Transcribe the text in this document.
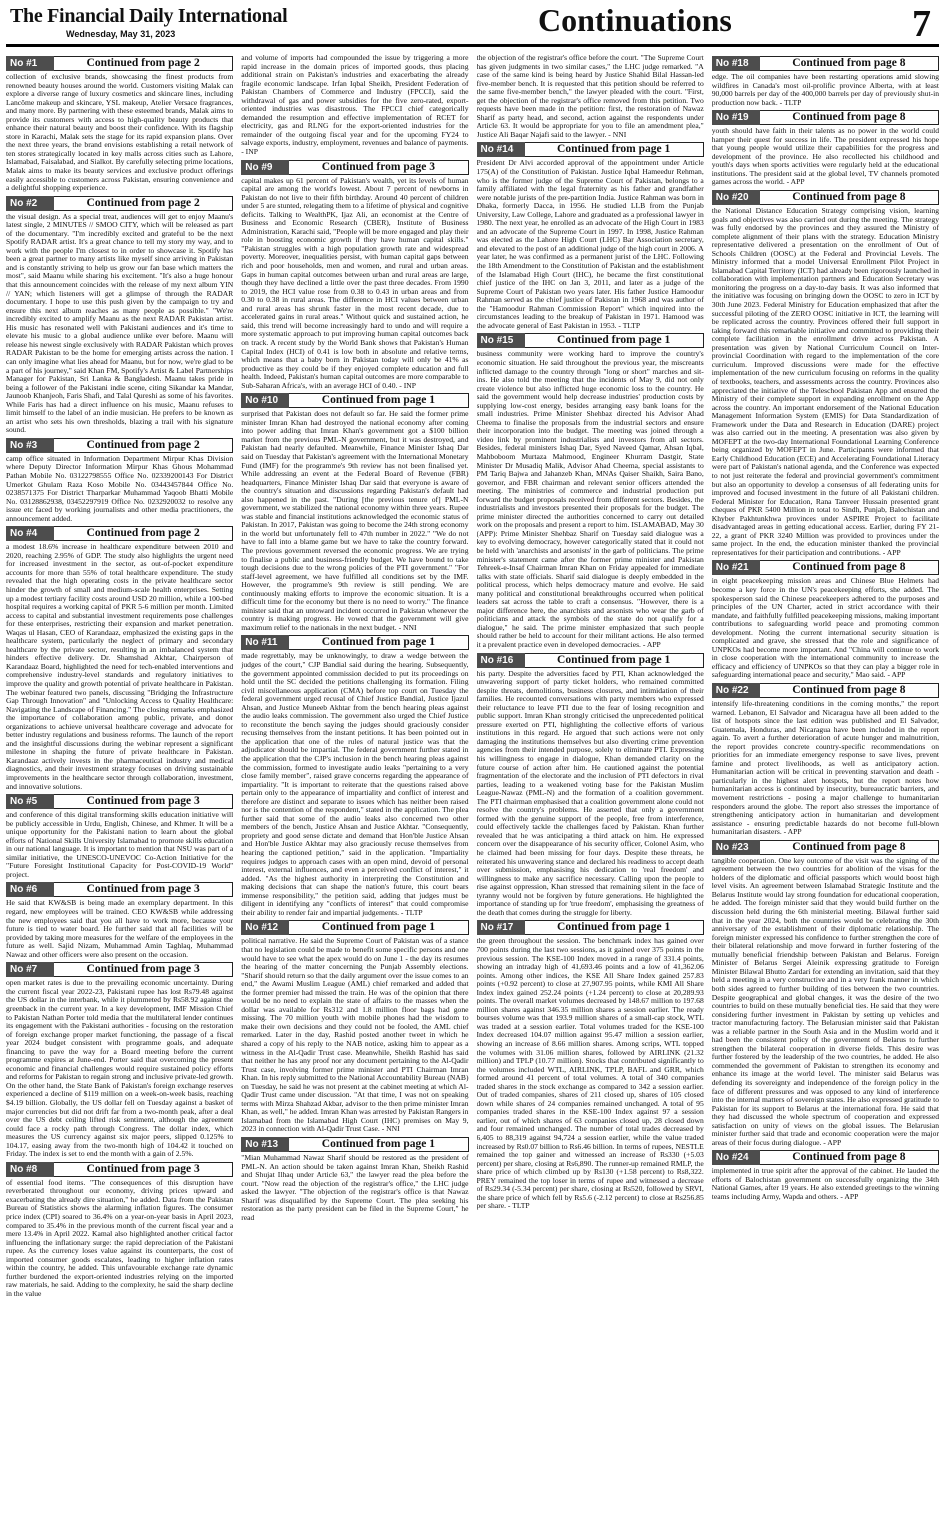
The Financial Daily International
Wednesday, May 31, 2023	Continuations	7
No #1	Continued from page 2
collection of exclusive brands, showcasing the finest products from renowned beauty houses around the world. Customers visiting Malak can explore a diverse range of luxury cosmetics and skincare lines, including Lancôme makeup and skincare, YSL makeup, Atelier Versace fragrances, and many more. By partnering with these esteemed brands, Malak aims to provide its customers with access to high-quality beauty products that enhance their natural beauty and boost their confidence. With its flagship store in Karachi, Malak sets the stage for its rapid expansion plans. Over the next three years, the brand envisions establishing a retail network of ten stores strategically located in key malls across cities such as Lahore, Islamabad, Faisalabad, and Sialkot. By carefully selecting prime locations, Malak aims to make its beauty services and exclusive product offerings easily accessible to customers across Pakistan, ensuring convenience and a delightful shopping experience.
No #2	Continued from page 2
the visual design. As a special treat, audiences will get to enjoy Maanu's latest single, 2 MINUTES // SMOO CITY, which will be released as part of the documentary. "I'm incredibly excited and grateful to be the next Spotify RADAR artist. It's a great chance to tell my story my way, and to work with the people I'm closest to in order to showcase it. Spotify has been a great partner to many artists like myself since arriving in Pakistan and is constantly striving to help us grow our fan base which matters the most", said Maanu while sharing his excitement. "It's also a huge honour that this announcement coincides with the release of my next album YIN // YAN; which listeners will get a glimpse of through the RADAR documentary. I hope to use this push given by the campaign to try and ensure this next album reaches as many people as possible." "We're incredibly excited to amplify Maanu as the next RADAR Pakistan artist. His music has resonated well with Pakistani audiences and it's time to elevate his music to a global audience unlike ever before. Maanu will release his newest single exclusively with RADAR Pakistan which proves RADAR Pakistan to be the home for emerging artists across the nation. I can only imagine what lies ahead for Maanu, but for now, we're glad to be a part of his journey," said Khan FM, Spotify's Artist & Label Partnerships Manager for Pakistan, Sri Lanka & Bangladesh. Maanu takes pride in being a follower of the Pakistani indie scene, citing Sikandar ka Mandar, Jaunoob Khanjeoh, Faris Shafi, and Talal Qureshi as some of his favorites. While Faris has had a direct influence on his music, Maanu refuses to limit himself to the label of an indie musician. He prefers to be known as an artist who sets his own thresholds, blazing a trail with his signature sound.
No #3	Continued from page 2
camp office situated in Information Department Mirpur Khas Division where Deputy Director Information Mirpur Khas Ghous Mohammad Pathan Mobile No. 03122798555 Office No. 02339200143 For District Umerkot Ghulam Raza Koso Mobile No. 03443457844 Office No. 0238571375 For District Tharparkar Muhammad Yaqoob Bhatti Mobile No. 03128862938, 03452297919 Office No. 0232920032 to resolve any issue etc faced by working journalists and other media practitioners, the announcement added.
No #4	Continued from page 2
a modest 18.6% increase in healthcare expenditure between 2010 and 2020, reaching 2.95% of GDP. The study also highlights the urgent need for increased investment in the sector, as out-of-pocket expenditure accounts for more than 55% of total healthcare expenditure. The study revealed that the high operating costs in the private healthcare sector hinder the growth of small and medium-scale health enterprises. Setting up a modest tertiary facility costs around USD 20 million, while a 100-bed hospital requires a working capital of PKR 5-6 million per month. Limited access to capital and substantial investment requirements pose challenges for these enterprises, restricting their expansion and market penetration. Waqas ul Hasan, CEO of Karandaaz, emphasized the existing gaps in the healthcare system, particularly the neglect of primary and secondary healthcare by the private sector, resulting in an imbalanced system that hinders effective delivery. Dr. Shamshad Akhtar, Chairperson of Karandaaz Board, highlighted the need for tech-enabled interventions and comprehensive industry-level standards and regulatory initiatives to improve the quality and growth potential of private healthcare in Pakistan. The webinar featured two panels, discussing "Bridging the Infrastructure Gap Through Innovation" and "Unlocking Access to Quality Healthcare: Navigating the Landscape of Financing." The closing remarks emphasized the importance of collaboration among public, private, and donor organizations to achieve universal healthcare coverage and advocate for better industry regulations and business reforms. The launch of the report and the insightful discussions during the webinar represent a significant milestone in shaping the future of private healthcare in Pakistan. Karandaaz actively invests in the pharmaceutical industry and medical diagnostics, and their investment strategy focuses on driving sustainable improvements in the healthcare sector through collaboration, investment, and innovative solutions.
No #5	Continued from page 3
and conference of this digital transforming skills education initiative will be publicly accessible in Urdu, English, Chinese, and Khmer. It will be a unique opportunity for the Pakistani nation to learn about the global efforts of National Skills University Islamabad to promote skills education in our national language. It is important to mention that NSU was part of a similar initiative, the UNESCO-UNEVOC Co-Action Initiative for the "Future Foresight Institutional Capacity for Post-COVID-19 World" project.
No #6	Continued from page 3
He said that KW&SB is being made an exemplary department. In this regard, new employees will be trained. CEO KW&SB while addressing the new employees said that you all have to work more, because your future is tied to water board. He further said that all facilities will be provided by taking more measures for the welfare of the employees in the future as well. Sajid Nizam, Muhammad Amin Taghlaq, Muhammad Nawaz and other officers were also present on the occasion.
No #7	Continued from page 3
open market rates is due to the prevailing economic uncertainty. During the current fiscal year 2022-23, Pakistani rupee has lost Rs79.48 against the US dollar in the interbank, while it plummeted by Rs58.92 against the greenback in the current year. In a key development, IMF Mission Chief to Pakistan Nathan Porter told media that the multilateral lender continues its engagement with the Pakistani authorities - focusing on the restoration of foreign exchange proper market functioning, the passage of a fiscal year 2024 budget consistent with programme goals, and adequate financing to pave the way for a Board meeting before the current programme expires at June-end. Porter said that overcoming the present economic and financial challenges would require sustained policy efforts and reforms for Pakistan to regain strong and inclusive private-led growth. On the other hand, the State Bank of Pakistan's foreign exchange reserves experienced a decline of $119 million on a week-on-week basis, reaching $4.19 billion. Globally, the US dollar fell on Tuesday against a basket of major currencies but did not drift far from a two-month peak, after a deal over the US debt ceiling lifted risk sentiment, although the agreement could face a rocky path through Congress. The dollar index, which measures the US currency against six major peers, slipped 0.125% to 104.17, easing away from the two-month high of 104.42 it touched on Friday. The index is set to end the month with a gain of 2.5%.
No #8	Continued from page 3
of essential food items. "The consequences of this disruption have reverberated throughout our economy, driving prices upward and exacerbating the already dire situation," he added. Data from the Pakistan Bureau of Statistics shows the alarming inflation figures. The consumer price index (CPI) soared to 36.4% on a year-on-year basis in April 2023, compared to 35.4% in the previous month of the current fiscal year and a mere 13.4% in April 2022. Kamal also highlighted another critical factor influencing the inflationary surge: the rapid depreciation of the Pakistani rupee. As the currency loses value against its counterparts, the cost of imported consumer goods escalates, leading to higher inflation rates within the country, he added. This unfavourable exchange rate dynamic further burdened the export-oriented industries relying on the imported raw materials, he said. Adding to the complexity, he said the sharp decline in the value
and volume of imports had compounded the issue by triggering a more rapid increase in the domain prices of imported goods, thus placing additional strain on Pakistan's industries and exacerbating the already fragile economic landscape. Irfan Iqbal Sheikh, President Federation of Pakistan Chambers of Commerce and Industry (FPCCI), said the withdrawal of gas and power subsidies for the five zero-rated, export-oriented industries was disastrous. The FPCCI chief categorically demanded the resumption and effective implementation of RCET for electricity, gas and RLNG for the export-oriented industries for the remainder of the outgoing fiscal year and for the upcoming FY24 to salvage exports, industry, employment, revenues and balance of payments. - INP
No #9	Continued from page 3
capital makes up 61 percent of Pakistan's wealth, yet its levels of human capital are among the world's lowest. About 7 percent of newborns in Pakistan do not live to their fifth birthday. Around 40 percent of children under 5 are stunted, relegating them to a lifetime of physical and cognitive deficits. Talking to WealthPK, Ijaz Ali, an economist at the Centre of Business and Economic Research (CBER), Institute of Business Administration, Karachi said, "People will be more engaged and play their role in boosting economic growth if they have human capital skills." "Pakistan struggles with a high population growth rate and widespread poverty. Moreover, inequalities persist, with human capital gaps between rich and poor households, men and women, and rural and urban areas. Gaps in human capital outcomes between urban and rural areas are large, though they have declined a little over the past three decades. From 1990 to 2019, the HCI value rose from 0.38 to 0.43 in urban areas and from 0.30 to 0.38 in rural areas. The difference in HCI values between urban and rural areas has shrunk faster in the most recent decade, due to accelerated gains in rural areas." Without quick and sustained action, he said, this trend will become increasingly hard to undo and will require a more systematic approach to put improving human capital outcomes back on track. A recent study by the World Bank shows that Pakistan's Human Capital Index (HCI) of 0.41 is low both in absolute and relative terms, which means that a baby born in Pakistan today will only be 41% as productive as they could be if they enjoyed complete education and full health. Indeed, Pakistan's human capital outcomes are more comparable to Sub-Saharan Africa's, with an average HCI of 0.40. - INP
No #10	Continued from page 1
surprised that Pakistan does not default so far. He said the former prime minister Imran Khan had destroyed the national economy after coming into power adding that Imran Khan's government got a $100 billion market from the previous PML-N government, but it was destroyed, and Pakistan had nearly defaulted. Meanwhile, Finance Minister Ishaq Dar said on Tuesday that Pakistan's agreement with the International Monetary Fund (IMF) for the programme's 9th review has not been finalised yet. While addressing an event at the Federal Board of Revenue (FBR) headquarters, Finance Minister Ishaq Dar said that everyone is aware of the country's situation and discussions regarding Pakistan's default had also happened in the past. "During [the previous tenure of] PML-N government, we stabilized the national economy within three years. Rupee was stable and financial institutions acknowledged the economic status of Pakistan. In 2017, Pakistan was going to become the 24th strong economy in the world but unfortunately fell to 47th number in 2022." "We do not have to fall into a blame game but we have to take the country forward. The previous government reversed the economic progress. We are trying to finalise a public and business-friendly budget. We have bound to take tough decisions due to the wrong policies of the PTI government." "For staff-level agreement, we have fulfilled all conditions set by the IMF. However, the programme's 9th review is still pending. We are continuously making efforts to improve the economic situation. It is a difficult time for the economy but there is no need to worry." The finance minister said that an untoward incident occurred in Pakistan whenever the country is making progress. He vowed that the government will give maximum relief to the nationals in the next budget. - NNI
No #11	Continued from page 1
made regrettably, may be unknowingly, to draw a wedge between the judges of the court," CJP Bandial said during the hearing. Subsequently, the government appointed commission decided to put its proceedings on hold until the SC decided the petitions challenging its formation. Filing civil miscellaneous application (CMA) before top court on Tuesday the federal government urged recusal of Chief Justice Bandial, Justice Ijazul Ahsan, and Justice Muneeb Akhtar from the bench hearing pleas against the audio leaks commission. The government also urged the Chief Justice to reconstitute the bench saying the judges should graciously consider recusing themselves from the instant petitions. It has been pointed out in the application that one of the rules of natural justice was that the adjudicator should be impartial. The federal government further stated in the application that the CJP's inclusion in the bench hearing pleas against the commission, formed to investigate audio leaks "pertaining to a very close family member", raised grave concerns regarding the appearance of impartiality. "It is important to reiterate that the questions raised above pertain only to the appearance of impartiality and conflict of interest and therefore are distinct and separate to issues which has neither been raised nor is the contention of the respondent," stated in the application. The plea further said that some of the audio leaks also concerned two other members of the bench, Justice Ahsan and Justice Akhtar. "Consequently, propriety and good sense dictate and demand that Hon'ble Justice Ahsan and Hon'ble Justice Akhtar may also graciously recuse themselves from hearing the captioned petition," said in the application. "Impartiality requires judges to approach cases with an open mind, devoid of personal interest, external influences, and even a perceived conflict of interest," it added. "As the highest authority in interpreting the Constitution and making decisions that can shape the nation's future, this court bears immense responsibility," the petition said, adding that judges must be diligent in identifying any "conflicts of interest" that could compromise their ability to render fair and impartial judgements. - TLTP
No #12	Continued from page 1
political narrative. He said the Supreme Court of Pakistan was of a stance that no legislation could be made to benefit some specific persons and one would have to see what the apex would do on June 1 - the day its resumes the hearing of the matter concerning the Punjab Assembly elections. "Sharif should return so that the daily argument over the issue comes to an end," the Awami Muslim League (AML) chief remarked and added that the former premier had missed the train. He was of the opinion that there would be no need to explain the state of affairs to the masses when the dollar was available for Rs312 and 1.8 million floor bags had gone missing. The 70 million youth with mobile phones had the wisdom to make their own decisions and they could not be fooled, the AML chief remarked. Later in the day, Rashid posted another tweet in which he shared a copy of his reply to the NAB notice, asking him to appear as a witness in the Al-Qadir Trust case. Meanwhile, Sheikh Rashid has said that neither he has any proof nor any document pertaining to the Al-Qadir Trust case, involving former prime minister and PTI Chairman Imran Khan. In his reply submitted to the National Accountability Bureau (NAB) on Tuesday, he said he was not present at the cabinet meeting at which Al-Qadir Trust came under discussion. "At that time, I was not on speaking terms with Mirza Shahzad Akbar, advisor to the then prime minister Imran Khan, as well," he added. Imran Khan was arrested by Pakistan Rangers in Islamabad from the Islamabad High Court (IHC) premises on May 9, 2023 in connection with Al-Qadir Trust Case. - NNI
No #13	Continued from page 1
"Mian Muhammad Nawaz Sharif should be restored as the president of PML-N. An action should be taken against Imran Khan, Sheikh Rashid and Shujat Ilhaq under Article 63," the lawyer read the plea before the court. "Now read the objection of the registrar's office," the LHC judge asked the lawyer. "The objection of the registrar's office is that Nawaz Sharif was disqualified by the Supreme Court. The plea seeking his restoration as the party president can be filed in the Supreme Court," he read
the objection of the registrar's office before the court. "The Supreme Court has given judgments in two similar cases," the LHC judge remarked. "A case of the same kind is being heard by Justice Shahid Bilal Hassan-led five-member bench. It is requested that this petition should be referred to the same five-member bench," the lawyer pleaded with the court. "First, get the objection of the registrar's office removed from this petition. Two requests have been made in the petition: first, the restoration of Nawaz Sharif as party head, and second, action against the respondents under Article 63. It would be appropriate for you to file an amendment plea," Justice Ali Baqar Najafi said to the lawyer. - NNI
No #14	Continued from page 1
President Dr Alvi accorded approval of the appointment under Article 175(A) of the Constitution of Pakistan. Justice Iqbal Hameedur Rehman, who is the former judge of the Supreme Court of Pakistan, belongs to a family affiliated with the legal fraternity as his father and grandfather were notable jurists of the pre-partition India. Justice Rahman was born in Dhaka, formerly Dacca, in 1956. He studied LLB from the Punjab University, Law College, Lahore and graduated as a professional lawyer in 1980. The next year, he enrolled as an advocate of the High Court in 1983 and an advocate of the Supreme Court in 1997. In 1998, Justice Rahman was elected as the Lahore High Court (LHC) Bar Association secretary, and elevated to the post of an additional judge of the high court in 2006. A year later, he was confirmed as a permanent jurist of the LHC. Following the 18th Amendment to the Constitution of Pakistan and the establishment of the Islamabad High Court (IHC), he became the first constitutional chief justice of the IHC on Jan 3, 2011, and later as a judge of the Supreme Court of Pakistan two years later. His father Justice Hamoodur Rahman served as the chief justice of Pakistan in 1968 and was author of the "Hamoodur Rahman Commission Report" which inquired into the circumstances leading to the breakup of Pakistan in 1971. Hamood was the advocate general of East Pakistan in 1953. - TLTP
No #15	Continued from page 1
business community were working hard to improve the country's economic situation. He said throughout the previous year, the miscreants inflicted damage to the country through "long or short" marches and sit-ins. He also told the meeting that the incidents of May 9, did not only create violence but also inflicted huge economic loss to the country. He said the government would help decrease industries' production costs by supplying low-cost energy, besides arranging easy bank loans for the small industries. Prime Minister Shehbaz directed his Advisor Ahad Cheema to finalise the proposals from the industrial sectors and ensure their incorporation into the budget. The meeting was joined through a video link by prominent industrialists and investors from all sectors. Besides, federal ministers Ishaq Dar, Syed Naveed Qamar, Ahsan Iqbal, Mahboboom Murtaza Mahmood, Engineer Khurram Dastgir, State Minister Dr Musadiq Malik, Advisor Ahad Cheema, special assistants to PM Tariq Bajwa and Jahanzeb Khan, MNAs Qaiser Shaikh, Saira Bano, governor, and FBR chairman and relevant senior officers attended the meeting. The ministries of commerce and industrial production put forward the budget proposals received from different sectors. Besides, the industrialists and investors presented their proposals for the budget. The prime minister directed the authorities concerned to carry out detailed work on the proposals and present a report to him. ISLAMABAD, May 30 (APP): Prime Minister Shehbaz Sharif on Tuesday said dialogue was a key to evolving democracy, however categorically stated that it could not be held with 'anarchists and arsonists' in the garb of politicians. The prime minister's statement came after the former prime minister and Pakistan Tehreek-e-Insaf Chairman Imran Khan on Friday appealed for immediate talks with state officials. Sharif said dialogue is deeply embedded in the political process, which helps democracy mature and evolve. He said many political and constitutional breakthroughs occurred when political leaders sat across the table to craft a consensus. "However, there is a major difference here, the anarchists and arsonists who wear the garb of politicians and attack the symbols of the state do not qualify for a dialogue," he said. The prime minister emphasized that such people should rather be held to account for their militant actions. He also termed it a prevalent practice even in developed democracies. - APP
No #16	Continued from page 1
his party. Despite the adversities faced by PTI, Khan acknowledged the unwavering support of party ticket holders, who remained committed despite threats, demolitions, business closures, and intimidation of their families. He recounted conversations with party members who expressed their reluctance to leave PTI due to the fear of losing recognition and public support. Imran Khan strongly criticised the unprecedented political pressure exerted on PTI, highlighting the collective efforts of various institutions in this regard. He argued that such actions were not only damaging the institutions themselves but also diverting crime prevention agencies from their intended purpose, solely to eliminate PTI. Expressing his willingness to engage in dialogue, Khan demanded clarity on the future course of action after him. He cautioned against the potential fragmentation of the electorate and the inclusion of PTI defectors in rival parties, leading to a weakened voting base for the Pakistan Muslim League-Nawaz (PML-N) and the formation of a coalition government. The PTI chairman emphasised that a coalition government alone could not resolve the country's problems. He asserted that only a government formed with the genuine support of the people, free from interference, could effectively tackle the challenges faced by Pakistan. Khan further revealed that he was anticipating a third attack on him. He expressed concern over the disappearance of his security officer, Colonel Asim, who he claimed had been missing for four days. Despite these threats, he reiterated his unwavering stance and declared his readiness to accept death over submission, emphasising his dedication to 'real freedom' and willingness to make any sacrifice necessary. Calling upon the people to rise against oppression, Khan stressed that remaining silent in the face of tyranny would not be forgiven by future generations. He highlighted the importance of standing up for 'true freedom', emphasising the greatness of the death that comes during the struggle for liberty.
No #17	Continued from page 1
the green throughout the session. The benchmark index has gained over 700 points during the last two sessions, as it gained over 375 points in the previous session. The KSE-100 Index moved in a range of 331.4 points, showing an intraday high of 41,693.46 points and a low of 41,362.06 points. Among other indices, the KSE All Share Index gained 257.83 points (+0.92 percent) to close at 27,907.95 points, while KMI All Share Index index gained 252.24 points (+1.24 percent) to close at 20,289.93 points. The overall market volumes decreased by 148.67 million to 197.68 million shares against 346.35 million shares a session earlier. The ready bourses volume was that 193.9 million shares of a small-cap stock, WTL was traded at a session earlier. Total volumes traded for the KSE-100 Index decreased 104.07 million against 95.47 million a session earlier, showing an increase of 8.66 million shares. Among scrips, WTL topped the volumes with 31.06 million shares, followed by AIRLINK (21.32 million) and TPLP (10.77 million). Stocks that contributed significantly to the volumes included WTL, AIRLINK, TPLP, BAFL and GRR, which formed around 41 percent of total volumes. A total of 340 companies traded shares in the stock exchange as compared to 342 a session earlier. Out of traded companies, shares of 211 closed up, shares of 105 closed down while shares of 24 companies remained unchanged. A total of 95 companies traded shares in the KSE-100 Index against 97 a session earlier, out of which shares of 63 companies closed up, 28 closed down and four remained unchanged. The number of total trades decreased by 6,405 to 88,319 against 94,724 a session earlier, while the value traded increased by Rs0.07 billion to Rs6.46 billion. In terms of rupees, NESTLE remained the top gainer and witnessed an increase of Rs330 (+5.03 percent) per share, closing at Rs6,890. The runner-up remained RMLP, the share price of which climbed up by Rs130 (+1.58 percent) to Rs8,322. PREY remained the top loser in terms of rupee and witnessed a decrease of Rs29.34 (-5.34 percent) per share, closing at Rs520, followed by SRVI, the share price of which fell by Rs5.6 (-2.12 percent) to close at Rs256.85 per share. - TLTP
No #18	Continued from page 8
edge. The oil companies have been restarting operations amid slowing wildfires in Canada's most oil-prolific province Alberta, with at least 90,000 barrels per day of the 400,000 barrels per day of previously shut-in production now back. - TLTP
No #19	Continued from page 8
youth should have faith in their talents as no power in the world could hamper their quest for success in life. The president expressed his hope that young people would utilize their capabilities for the progress and development of the province. He also recollected his childhood and youth's days when sports activities were regularly held at the educational institutions. The president said at the global level, TV channels promoted games across the world. - APP
No #20	Continued from page 8
the National Distance Education Strategy comprising vision, learning goals and objectives was also carried out during the meeting. The strategy was fully endorsed by the provinces and they assured the Ministry of complete alignment of their plans with the strategy. Education Ministry representative delivered a presentation on the enrollment of Out of Schools Children (OOSC) at the Federal and Provincial Levels. The Ministry informed that a model Universal Enrollment Pilot Project in Islamabad Capital Territory (ICT) had already been rigorously launched in collaboration with implementation partners and Education Secretary was monitoring the progress on a day-to-day basis. It was also informed that the initiative was focusing on bringing down the OOSC to zero in ICT by 30th June 2023. Federal Ministry for Education emphasized that after the successful piloting of the ZERO OOSC initiative in ICT, the learning will be replicated across the country. Provinces offered their full support in taking forward this remarkable initiative and committed to providing their complete facilitation in the enrollment drive across Pakistan. A presentation was given by National Curriculum Council on Inter-provincial Coordination with regard to the implementation of the core curriculum. Improved discussions were made for the effective implementation of the new curriculum focusing on reforms in the quality of textbooks, teachers, and assessments across the country. Provinces also appreciated the initiative of the Teleschool Pakistan App and ensured the Ministry of their complete support in expanding enrollment on the App across the country. An important endorsement of the National Education Management Information System (EMIS) for Data Standardization of Framework under the Data and Research in Education (DARE) project was also carried out in the meeting. A presentation was also given by MOFEPT at the two-day International Foundational Learning Conference being organized by MOFEPT in June. Participants were informed that Early Childhood Education (ECE) and Accelerating Foundational Literacy were part of Pakistan's national agenda, and the Conference was expected to not just reiterate the federal and provincial government's commitment but also an opportunity to develop a consensus of all federating units for improved and focused investment in the future of all Pakistani children. Federal Minister for Education, Rana Tanveer Hussain presented grant cheques of PKR 5400 Million in total to Sindh, Punjab, Balochistan and Khyber Pakhtunkhwa provinces under ASPIRE Project to facilitate disadvantaged areas in getting educational access. Earlier, during FY 21-22, a grant of PKR 3240 Million was provided to provinces under the same project. In the end, the education minister thanked the provincial representatives for their participation and contributions. - APP
No #21	Continued from page 8
in eight peacekeeping mission areas and Chinese Blue Helmets had become a key force in the UN's peacekeeping efforts, she added. The spokesperson said the Chinese peacekeepers adhered to the purposes and principles of the UN Charter, acted in strict accordance with their mandate, and faithfully fulfilled peacekeeping missions, making important contributions to safeguarding world peace and promoting common development. Noting the current international security situation is complicated and grave, she stressed that the role and significance of UNPKOs had become more important. And "China will continue to work in close cooperation with the international community to increase the efficacy and efficiency of UNPKOs so that they can play a bigger role in safeguarding international peace and security," Mao said. - APP
No #22	Continued from page 8
intensify life-threatening conditions in the coming months," the report warned. Lebanon, El Salvador and Nicaragua have all been added to the list of hotspots since the last edition was published and El Salvador, Guatemala, Honduras, and Nicaragua have been included in the report again. To avert a further deterioration of acute hunger and malnutrition, the report provides concrete country-specific recommendations on priorities for an immediate emergency response to save lives, prevent famine and protect livelihoods, as well as anticipatory action. Humanitarian action will be critical in preventing starvation and death - particularly in the highest alert hotspots, but the report notes how humanitarian access is continued by insecurity, bureaucratic barriers, and movement restrictions - posing a major challenge to humanitarian responders around the globe. The report also stresses the importance of strengthening anticipatory action in humanitarian and development assistance - ensuring predictable hazards do not become full-blown humanitarian disasters. - APP
No #23	Continued from page 8
tangible cooperation. One key outcome of the visit was the signing of the agreement between the two countries for abolition of the visas for the holders of the diplomatic and official passports which would boost high level visits. An agreement between Islamabad Strategic Institute and the Belarus Institute would lay strong foundation for educational cooperation, he added. The foreign minister said that they would build further on the discussion held during the 6th ministerial meeting. Bilawal further said that in the year 2024, both the countries would be celebrating the 30th anniversary of the establishment of their diplomatic relationship. The foreign minister expressed his confidence to further strengthen the core of their bilateral relationship and move forward in further fostering of the mutually beneficial friendship between Pakistan and Belarus. Foreign Minister of Belarus Sergei Aleinik expressing gratitude to Foreign Minister Bilawal Bhutto Zardari for extending an invitation, said that they held a meeting in a very constructive and in a very frank manner in which both sides agreed to further building of ties between the two countries. Despite geographical and global changes, it was the desire of the two countries to build on these mutually beneficial ties. He said that they were considering further investment in Pakistan by setting up vehicles and tractor manufacturing factory. The Belarusian minister said that Pakistan was a reliable partner in the South Asia and in the Muslim world and it had been the consistent policy of the government of Belarus to further strengthen the bilateral cooperation in diverse fields. This desire was further fostered by the leadership of the two countries, he added. He also commended the government of Pakistan to strengthen its economy and enhance its image at the world level. The minister said Belarus was defending its sovereignty and independence of the foreign policy in the face of different pressures and was opposed to any kind of interference into the internal matters of sovereign states. He also expressed gratitude to Pakistan for its support to Belarus at the international fora. He said that they had discussed the whole spectrum of cooperation and expressed satisfaction on unity of views on the global issues. The Belarusian minister further said that trade and economic cooperation were the major areas of their focus during dialogue. - APP
No #24	Continued from page 8
implemented in true spirit after the approval of the cabinet. He lauded the efforts of Balochistan government on successfully organizing the 34th National Games, after 19 years. He also extended greetings to the winning teams including Army, Wapda and others. - APP
